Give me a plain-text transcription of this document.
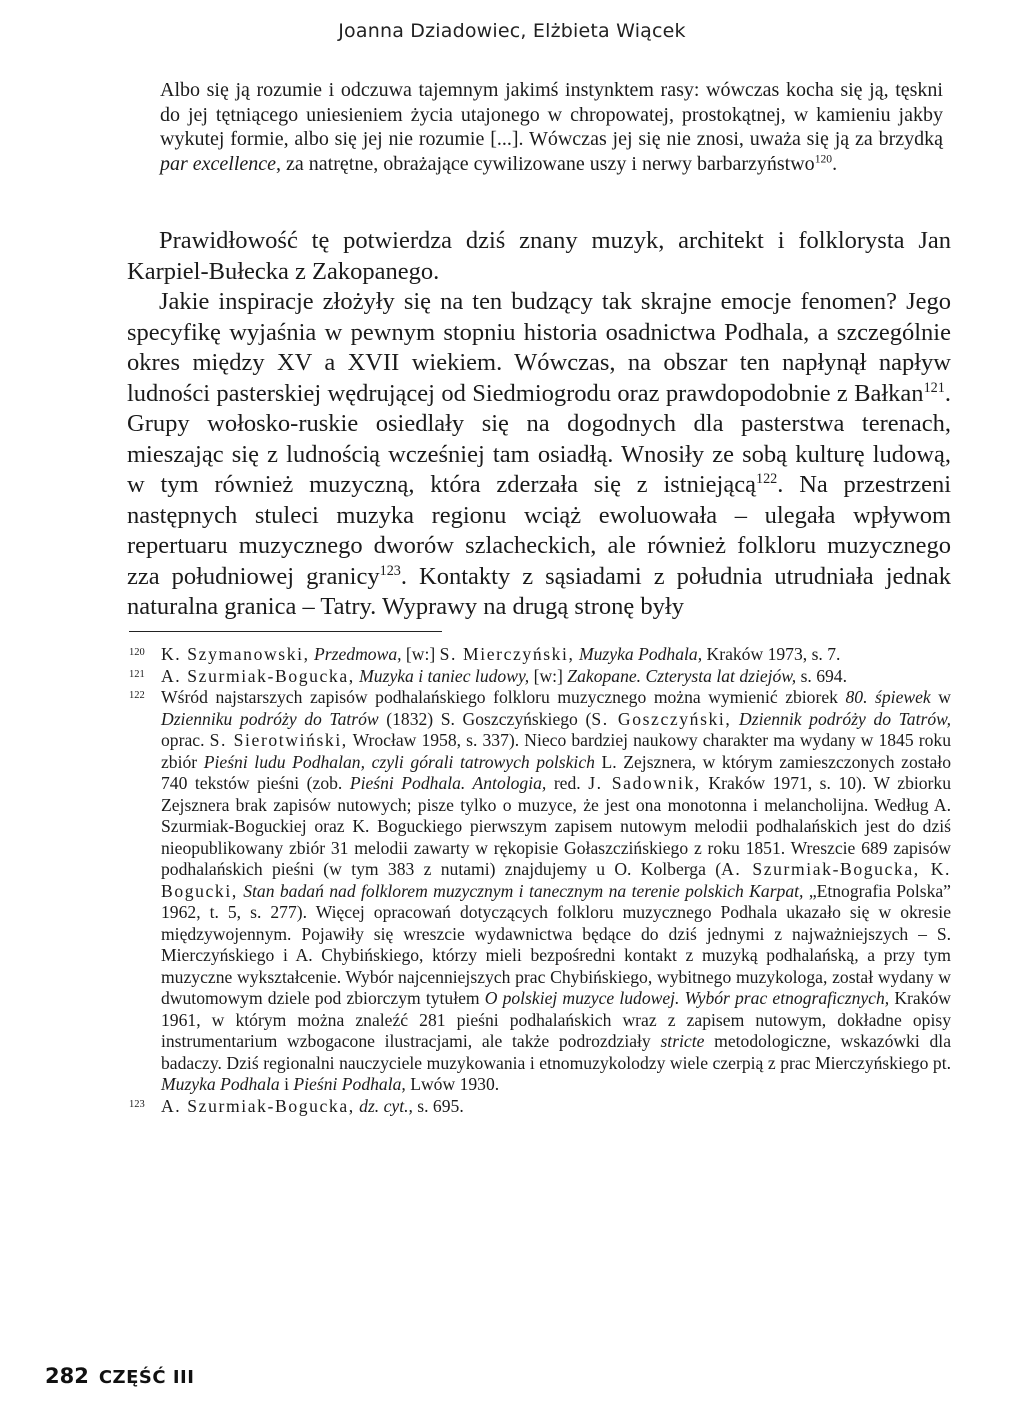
Joanna Dziadowiec, Elżbieta Wiącek

Albo się ją rozumie i odczuwa tajemnym jakimś instynktem rasy: wówczas kocha się ją, tęskni do jej tętniącego uniesieniem życia utajonego w chropowatej, prostokątnej, w kamieniu jakby wykutej formie, albo się jej nie rozumie [...]. Wówczas jej się nie znosi, uważa się ją za brzydką par excellence, za natrętne, obrażające cywilizowane uszy i nerwy barbarzyństwo$^{120}$.

Prawidłowość tę potwierdza dziś znany muzyk, architekt i folklorysta Jan Karpiel-Bułecka z Zakopanego.

Jakie inspiracje złożyły się na ten budzący tak skrajne emocje fenomen? Jego specyfikę wyjaśnia w pewnym stopniu historia osadnictwa Podhala, a szczególnie okres między XV a XVII wiekiem. Wówczas, na obszar ten napłynął napływ ludności pasterskiej wędrującej od Siedmiogrodu oraz prawdopodobnie z Bałkan$^{121}$. Grupy wołosko-ruskie osiedlały się na dogodnych dla pasterstwa terenach, mieszając się z ludnością wcześniej tam osiadłą. Wnosiły ze sobą kulturę ludową, w tym również muzyczną, która zderzała się z istniejącą$^{122}$. Na przestrzeni następnych stuleci muzyka regionu wciąż ewoluowała – ulegała wpływom repertuaru muzycznego dworów szlacheckich, ale również folkloru muzycznego zza południowej granicy$^{123}$. Kontakty z sąsiadami z południa utrudniała jednak naturalna granica – Tatry. Wyprawy na drugą stronę były

120 K. Szymanowski, Przedmowa, [w:] S. Mierczyński, Muzyka Podhala, Kraków 1973, s. 7.

121 A. Szurmiak-Bogucka, Muzyka i taniec ludowy, [w:] Zakopane. Czterysta lat dziejów, s. 694.

122 Wśród najstarszych zapisów podhalańskiego folkloru muzycznego można wymienić zbiorek 80. śpiewek w Dzienniku podróży do Tatrów (1832) S. Goszczyńskiego (S. Goszczyński, Dziennik podróży do Tatrów, oprac. S. Sierotwiński, Wrocław 1958, s. 337). Nieco bardziej naukowy charakter ma wydany w 1845 roku zbiór Pieśni ludu Podhalan, czyli górali tatrowych polskich L. Zejsznera, w którym zamieszczonych zostało 740 tekstów pieśni (zob. Pieśni Podhala. Antologia, red. J. Sadownik, Kraków 1971, s. 10). W zbiorku Zejsznera brak zapisów nutowych; pisze tylko o muzyce, że jest ona monotonna i melancholijna. Według A. Szurmiak-Boguckiej oraz K. Boguckiego pierwszym zapisem nutowym melodii podhalańskich jest do dziś nieopublikowany zbiór 31 melodii zawarty w rękopisie Gołaszczińskiego z roku 1851. Wreszcie 689 zapisów podhalańskich pieśni (w tym 383 z nutami) znajdujemy u O. Kolberga (A. Szurmiak-Bogucka, K. Bogucki, Stan badań nad folklorem muzycznym i tanecznym na terenie polskich Karpat, „Etnografia Polska” 1962, t. 5, s. 277). Więcej opracowań dotyczących folkloru muzycznego Podhala ukazało się w okresie międzywojennym. Pojawiły się wreszcie wydawnictwa będące do dziś jednymi z najważniejszych – S. Mierczyńskiego i A. Chybińskiego, którzy mieli bezpośredni kontakt z muzyką podhalańską, a przy tym muzyczne wykształcenie. Wybór najcenniejszych prac Chybińskiego, wybitnego muzykologa, został wydany w dwutomowym dziele pod zbiorczym tytułem O polskiej muzyce ludowej. Wybór prac etnograficznych, Kraków 1961, w którym można znaleźć 281 pieśni podhalańskich wraz z zapisem nutowym, dokładne opisy instrumentarium wzbogacone ilustracjami, ale także podrozdziały stricte metodologiczne, wskazówki dla badaczy. Dziś regionalni nauczyciele muzykowania i etnomuzykolodzy wiele czerpią z prac Mierczyńskiego pt. Muzyka Podhala i Pieśni Podhala, Lwów 1930.

123 A. Szurmiak-Bogucka, dz. cyt., s. 695.

282 CZĘŚĆ III
